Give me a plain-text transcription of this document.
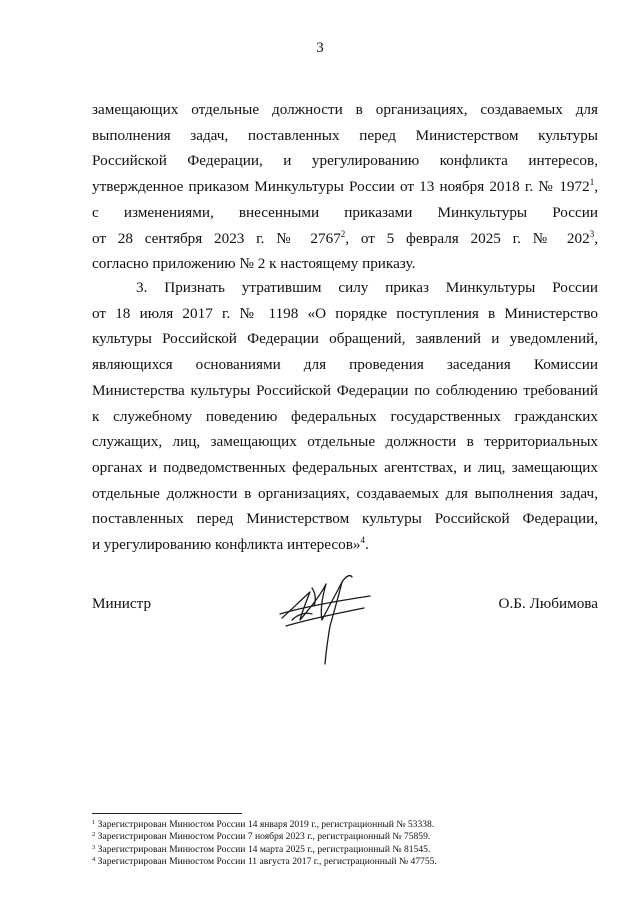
3

замещающих отдельные должности в организациях, создаваемых для

выполнения задач, поставленных перед Министерством культуры

Российской Федерации, и урегулированию конфликта интересов,

утвержденное приказом Минкультуры России от 13 ноября 2018 г. № 1972$^1$,

с изменениями, внесенными приказами Минкультуры России

от 28 сентября 2023 г. № 2767$^2$, от 5 февраля 2025 г. № $202^3$,

согласно приложению № 2 к настоящему приказу.

3. Признать утратившим силу приказ Минкультуры России

от 18 июля 2017 г. № 1198 «О порядке поступления в Министерство

культуры Российской Федерации обращений, заявлений и уведомлений,

являющихся основаниями для проведения заседания Комиссии

Министерства культуры Российской Федерации по соблюдению требований

к служебному поведению федеральных государственных гражданских

служащих, лиц, замещающих отдельные должности в территориальных

органах и подведомственных федеральных агентствах, и лиц, замещающих

отдельные должности в организациях, создаваемых для выполнения задач,

поставленных перед Министерством культуры Российской Федерации,

и урегулированию конфликта интересов»$^4$.

Министр	О.Б. Любимова
$^1$ Зарегистрирован Минюстом России 14 января 2019 г., регистрационный № 53338.
$^2$ Зарегистрирован Минюстом России 7 ноября 2023 г., регистрационный № 75859.
$^3$ Зарегистрирован Минюстом России 14 марта 2025 г., регистрационный № 81545.
$^4$ Зарегистрирован Минюстом России 11 августа 2017 г., регистрационный № 47755.
